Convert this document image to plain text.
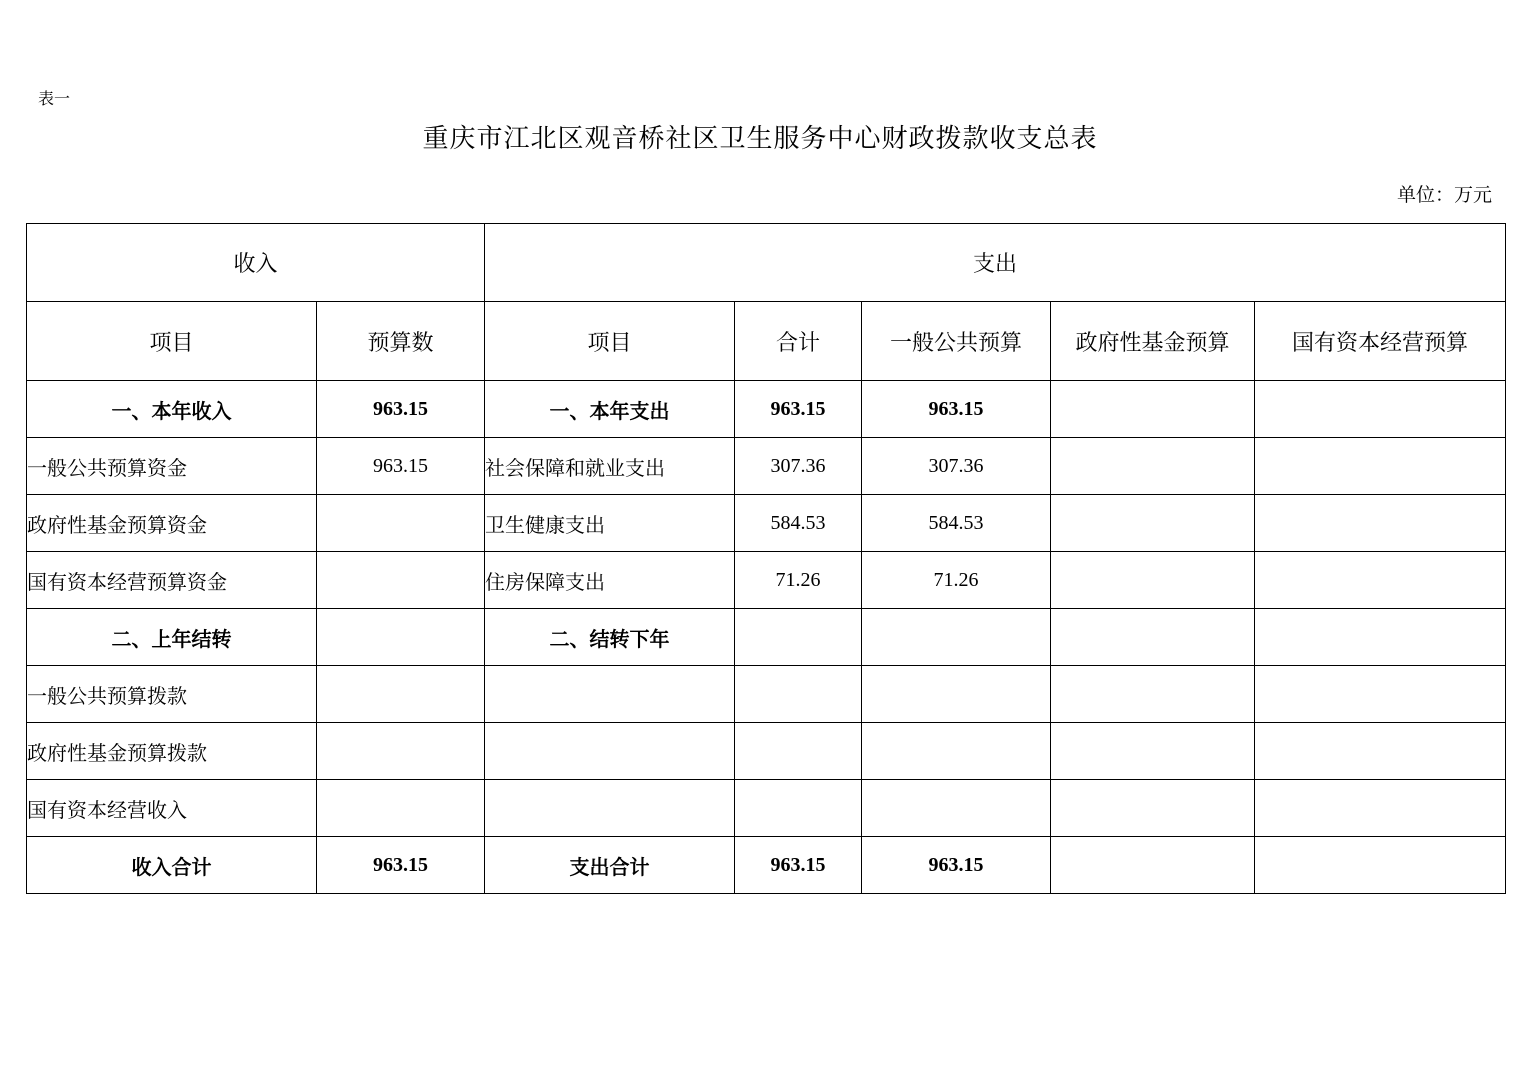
表一
重庆市江北区观音桥社区卫生服务中心财政拨款收支总表
单位：万元
收入		支出				
项目	预算数	项目	合计	一般公共预算	政府性基金预算	国有资本经营预算
一、本年收入	963.15	一、本年支出	963.15	963.15		
一般公共预算资金	963.15	社会保障和就业支出	307.36	307.36		
政府性基金预算资金		卫生健康支出	584.53	584.53		
国有资本经营预算资金		住房保障支出	71.26	71.26		
二、上年结转		二、结转下年				
一般公共预算拨款						
政府性基金预算拨款						
国有资本经营收入						
收入合计	963.15	支出合计	963.15	963.15		
